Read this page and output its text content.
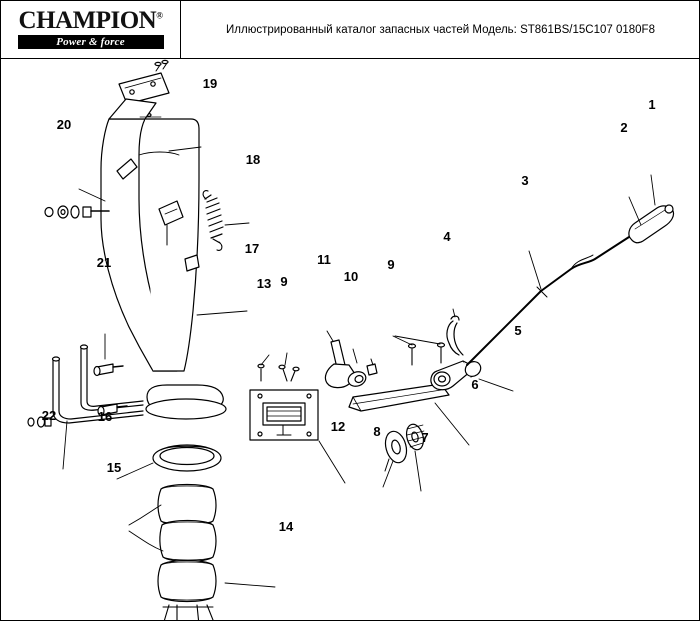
CHAMPION®
Power & force
Иллюстрированный каталог запасных частей Модель: ST861BS/15C107 0180F8
1
2
3
4
5
6
7
8
9
9	10
11
12
13
14
15
16
17
18
19
20
21
22
